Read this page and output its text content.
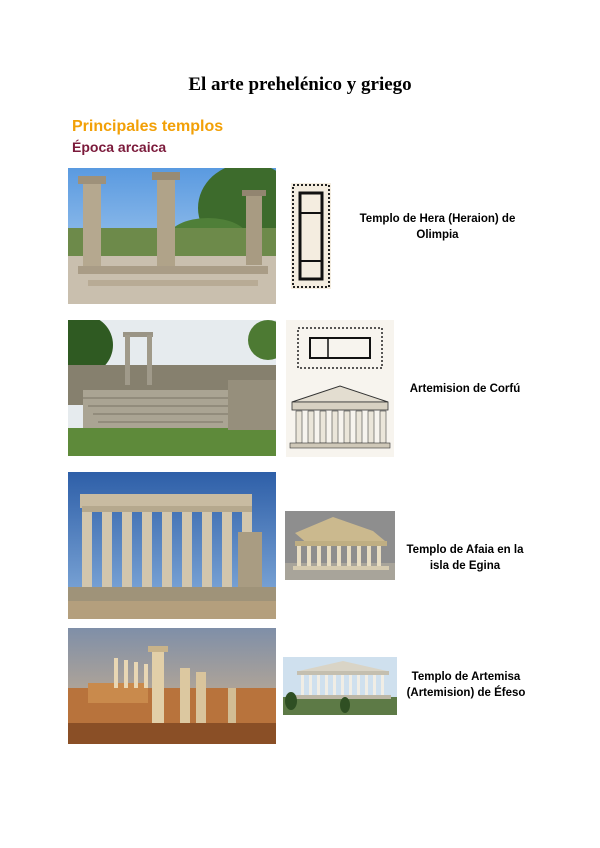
El arte prehelénico y griego
Principales templos
Época arcaica
Templo de Hera (Heraion) de Olimpia
Artemision de Corfú
Templo de Afaia en la isla de Egina
Templo de Artemisa (Artemision) de Éfeso
